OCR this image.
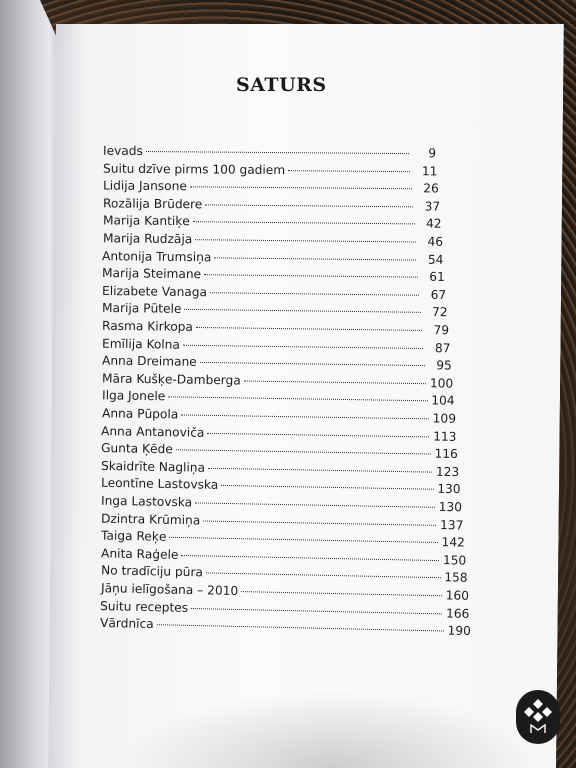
SATURS
Ievads	9
Suitu dzīve pirms 100 gadiem	11
Lidija Jansone	26
Rozālija Brūdere	37
Marija Kantiķe	42
Marija Rudzāja	46
Antonija Trumsiņa	54
Marija Steimane	61
Elizabete Vanaga	67
Marija Pūtele	72
Rasma Kirkopa	79
Emīlija Kolna	87
Anna Dreimane	95
Māra Kušķe-Damberga	100
Ilga Jonele	104
Anna Pūpola	109
Anna Antanoviča	113
Gunta Ķēde	116
Skaidrīte Nagliņa	123
Leontīne Lastovska	130
Inga Lastovska	130
Dzintra Krūmiņa	137
Taiga Reķe	142
Anita Raģele	150
No tradīciju pūra	158
Jāņu ielīgošana – 2010	160
Suitu receptes	166
Vārdnīca	190
